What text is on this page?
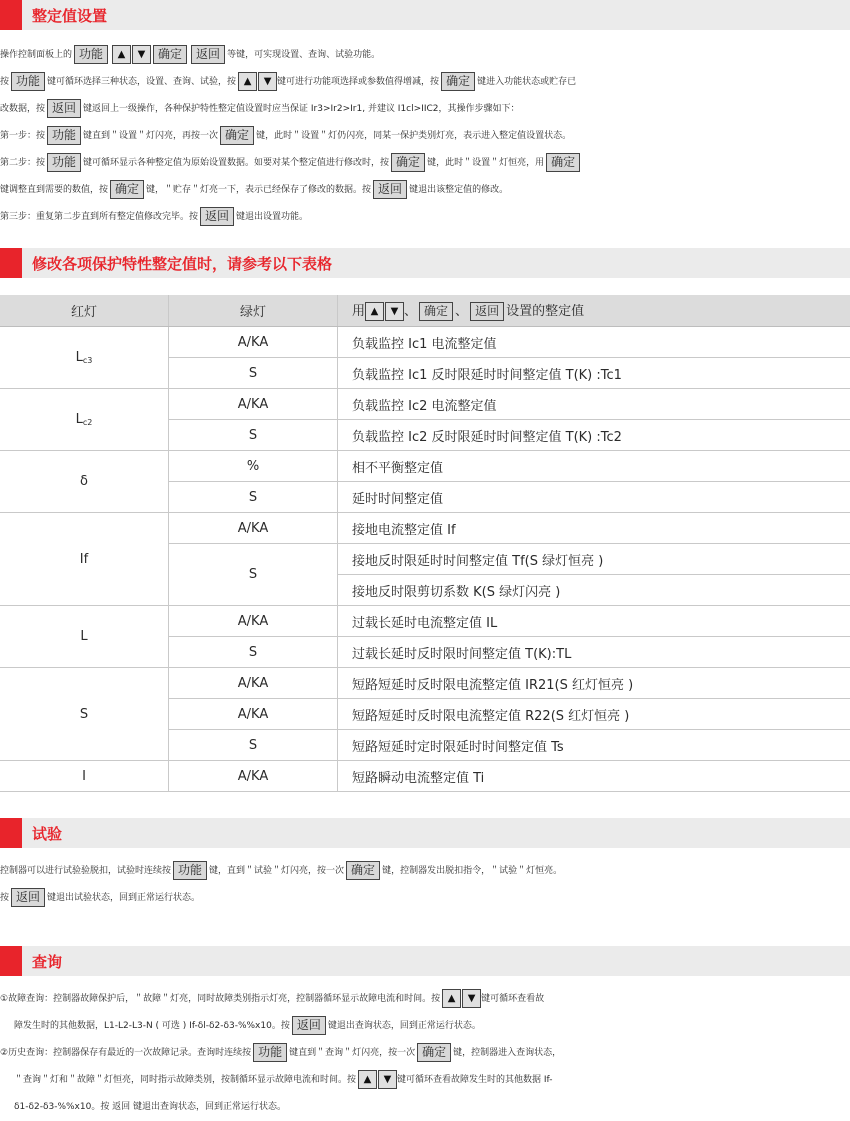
整定值设置
操作控制面板上的 功能 ▲ ▼ 确定 返回 等键，可实现设置、查询、试验功能。
按 功能 键可循环选择三种状态，设置、查询、试验，按 ▲ ▼ 键可进行功能项选择或参数值得增减，按 确定 键进入功能状态或贮存已
改数据，按 返回 键返回上一级操作，各种保护特性整定值设置时应当保证 Ir3>Ir2>Ir1, 并建议 I1cl>IIC2，其操作步骤如下：
第一步：按 功能 键直到＂设置＂灯闪亮，再按一次 确定 键，此时＂设置＂灯仍闪亮，同某一保护类别灯亮，表示进入整定值设置状态。
第二步：按 功能 键可循环显示各种整定值为原始设置数据。如要对某个整定值进行修改时，按 确定 键，此时＂设置＂灯恒亮，用 确定
键调整直到需要的数值，按 确定 键，＂贮存＂灯亮一下，表示已经保存了修改的数据。按 返回 键退出该整定值的修改。
第三步：重复第二步直到所有整定值修改完毕。按 返回 键退出设置功能。
修改各项保护特性整定值时，请参考以下表格
红灯	绿灯	用 ▲ ▼ 、 确定 、 返回 设置的整定值
$L_{c3}$	A/KA	负载监控 Ic1 电流整定值
	S	负载监控 Ic1 反时限延时时间整定值 T(K) :Tc1
$L_{c2}$	A/KA	负载监控 Ic2 电流整定值
	S	负载监控 Ic2 反时限延时时间整定值 T(K) :Tc2
δ	%	相不平衡整定值
	S	延时时间整定值
If	A/KA	接地电流整定值 If
	S	接地反时限延时时间整定值 Tf(S 绿灯恒亮 )
		接地反时限剪切系数 K(S 绿灯闪亮 )
L	A/KA	过载长延时电流整定值 IL
	S	过载长延时反时限时间整定值 T(K):TL
S	A/KA	短路短延时反时限电流整定值 IR21(S 红灯恒亮 )
	A/KA	短路短延时反时限电流整定值 R22(S 红灯恒亮 )
	S	短路短延时定时限延时时间整定值 Ts
I	A/KA	短路瞬动电流整定值 Ti
试验
控制器可以进行试验验脱扣，试验时连续按 功能 键，直到＂试验＂灯闪亮，按一次 确定 键，控制器发出脱扣指令，＂试验＂灯恒亮。
按 返回 键退出试验状态，回到正常运行状态。
查询
①故障查询：控制器故障保护后，＂故障＂灯亮，同时故障类别指示灯亮，控制器循环显示故障电流和时间。按 ▲ ▼ 键可循环查看故
障发生时的其他数据，L1-L2-L3-N ( 可选 ) If-δl-δ2-δ3-%%x10。按 返回 键退出查询状态，回到正常运行状态。
②历史查询：控制器保存有最近的一次故障记录。查询时连续按 功能 键直到＂查询＂灯闪亮，按一次 确定 键，控制器进入查询状态，
＂查询＂灯和＂故障＂灯恒亮，同时指示故障类别，按制循环显示故障电流和时间。按 ▲ ▼ 键可循环查看故障发生时的其他数据 If-
δ1-δ2-δ3-%%x10。按 返回 键退出查询状态，回到正常运行状态。
